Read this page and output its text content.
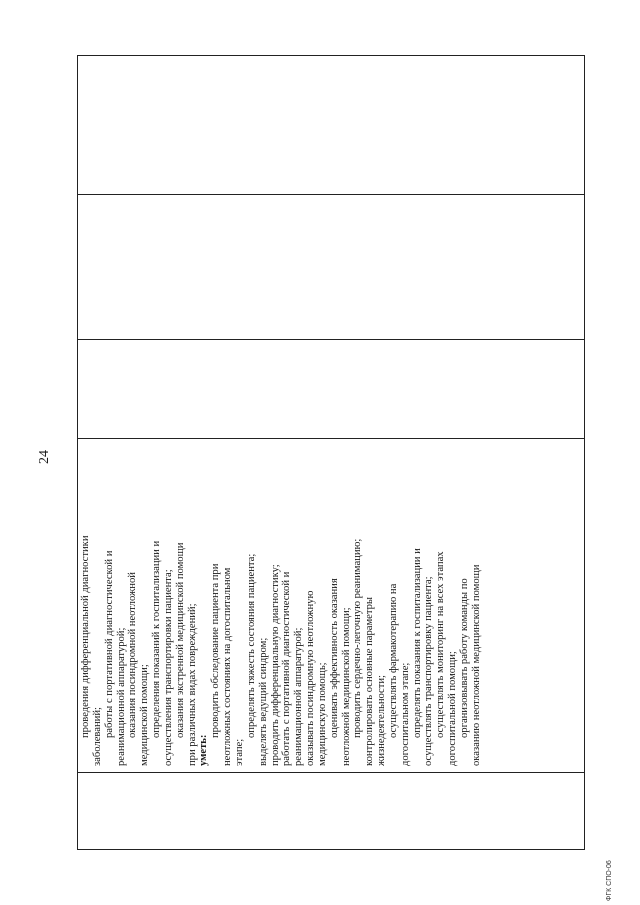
24
проведения дифференциальной диагностики заболеваний; работы с портативной диагностической и реанимационной аппаратурой; оказания посиндромной неотложной медицинской помощи; определения показаний к госпитализации и осуществления транспортировки пациента; оказания экстренной медицинской помощи при различных видах повреждений; уметь:
проводить обследование пациента при неотложных состояниях на догоспитальном этапе;
определять тяжесть состояния пациента; выделять ведущий синдром; проводить дифференциальную диагностику; работать с портативной диагностической и реанимационной аппаратурой; оказывать посиндромную неотложную медицинскую помощь; оценивать эффективность оказания неотложной медицинской помощи; проводить сердечно-легочную реанимацию; контролировать основные параметры жизнедеятельности; осуществлять фармакотерапию на догоспитальном этапе; определять показания к госпитализации и осуществлять транспортировку пациента; осуществлять мониторинг на всех этапах догоспитальной помощи; организовывать работу команды по оказанию неотложной медицинской помощи
ФГК СПО-06
